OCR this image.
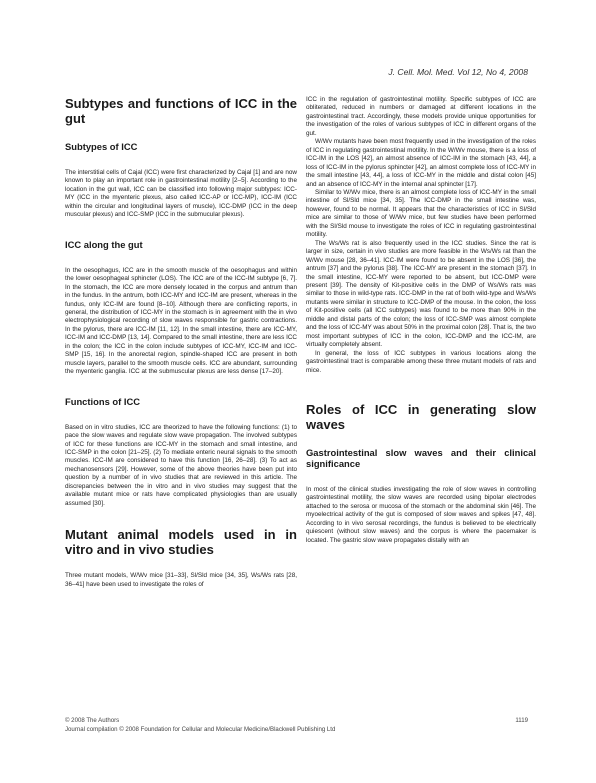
J. Cell. Mol. Med. Vol 12, No 4, 2008
Subtypes and functions of ICC in the gut
Subtypes of ICC

The interstitial cells of Cajal (ICC) were first characterized by Cajal [1] and are now known to play an important role in gastrointestinal motility [2–5]. According to the location in the gut wall, ICC can be classified into following major subtypes: ICC-MY (ICC in the myenteric plexus, also called ICC-AP or ICC-MP), ICC-IM (ICC within the circular and longitudinal layers of muscle), ICC-DMP (ICC in the deep muscular plexus) and ICC-SMP (ICC in the submucular plexus).

ICC along the gut

In the oesophagus, ICC are in the smooth muscle of the oesophagus and within the lower oesophageal sphincter (LOS). The ICC are of the ICC-IM subtype [6, 7]. In the stomach, the ICC are more densely located in the corpus and antrum than in the fundus. In the antrum, both ICC-MY and ICC-IM are present, whereas in the fundus, only ICC-IM are found [8–10]. Although there are conflicting reports, in general, the distribution of ICC-MY in the stomach is in agreement with the in vivo electrophysiological recording of slow waves responsible for gastric contractions. In the pylorus, there are ICC-IM [11, 12]. In the small intestine, there are ICC-MY, ICC-IM and ICC-DMP [13, 14]. Compared to the small intestine, there are less ICC in the colon; the ICC in the colon include subtypes of ICC-MY, ICC-IM and ICC-SMP [15, 16]. In the anorectal region, spindle-shaped ICC are present in both muscle layers, parallel to the smooth muscle cells. ICC are abundant, surrounding the myenteric ganglia. ICC at the submuscular plexus are less dense [17–20].

Functions of ICC

Based on in vitro studies, ICC are theorized to have the following functions: (1) to pace the slow waves and regulate slow wave propagation. The involved subtypes of ICC for these functions are ICC-MY in the stomach and small intestine, and ICC-SMP in the colon [21–25]. (2) To mediate enteric neural signals to the smooth muscles. ICC-IM are considered to have this function [16, 26–28]. (3) To act as mechanosensors [29]. However, some of the above theories have been put into question by a number of in vivo studies that are reviewed in this article. The discrepancies between the in vitro and in vivo studies may suggest that the available mutant mice or rats have complicated physiologies than are usually assumed [30].

Mutant animal models used in in vitro and in vivo studies

Three mutant models, W/Wv mice [31–33], Sl/Sld mice [34, 35], Ws/Ws rats [28, 36–41] have been used to investigate the roles of

ICC in the regulation of gastrointestinal motility. Specific subtypes of ICC are obliterated, reduced in numbers or damaged at different locations in the gastrointestinal tract. Accordingly, these models provide unique opportunities for the investigation of the roles of various subtypes of ICC in different organs of the gut.

W/Wv mutants have been most frequently used in the investigation of the roles of ICC in regulating gastrointestinal motility. In the W/Wv mouse, there is a loss of ICC-IM in the LOS [42], an almost absence of ICC-IM in the stomach [43, 44], a loss of ICC-IM in the pylorus sphincter [42], an almost complete loss of ICC-MY in the small intestine [43, 44], a loss of ICC-MY in the middle and distal colon [45] and an absence of ICC-MY in the internal anal sphincter [17].

Similar to W/Wv mice, there is an almost complete loss of ICC-MY in the small intestine of Sl/Sld mice [34, 35]. The ICC-DMP in the small intestine was, however, found to be normal. It appears that the characteristics of ICC in Sl/Sld mice are similar to those of W/Wv mice, but few studies have been performed with the Sl/Sld mouse to investigate the roles of ICC in regulating gastrointestinal motility.

The Ws/Ws rat is also frequently used in the ICC studies. Since the rat is larger in size, certain in vivo studies are more feasible in the Ws/Ws rat than the W/Wv mouse [28, 36–41]. ICC-IM were found to be absent in the LOS [36], the antrum [37] and the pylorus [38]. The ICC-MY are present in the stomach [37]. In the small intestine, ICC-MY were reported to be absent, but ICC-DMP were present [39]. The density of Kit-positive cells in the DMP of Ws/Ws rats was similar to those in wild-type rats. ICC-DMP in the rat of both wild-type and Ws/Ws mutants were similar in structure to ICC-DMP of the mouse. In the colon, the loss of Kit-positive cells (all ICC subtypes) was found to be more than 90% in the middle and distal parts of the colon; the loss of ICC-SMP was almost complete and the loss of ICC-MY was about 50% in the proximal colon [28]. That is, the two most important subtypes of ICC in the colon, ICC-DMP and the ICC-IM, are virtually completely absent.

In general, the loss of ICC subtypes in various locations along the gastrointestinal tract is comparable among these three mutant models of rats and mice.

Roles of ICC in generating slow waves
Gastrointestinal slow waves and their clinical significance

In most of the clinical studies investigating the role of slow waves in controlling gastrointestinal motility, the slow waves are recorded using bipolar electrodes attached to the serosa or mucosa of the stomach or the abdominal skin [46]. The myoelectrical activity of the gut is composed of slow waves and spikes [47, 48]. According to in vivo serosal recordings, the fundus is believed to be electrically quiescent (without slow waves) and the corpus is where the pacemaker is located. The gastric slow wave propagates distally with an

© 2008 The Authors
Journal compilation © 2008 Foundation for Cellular and Molecular Medicine/Blackwell Publishing Ltd
1119
